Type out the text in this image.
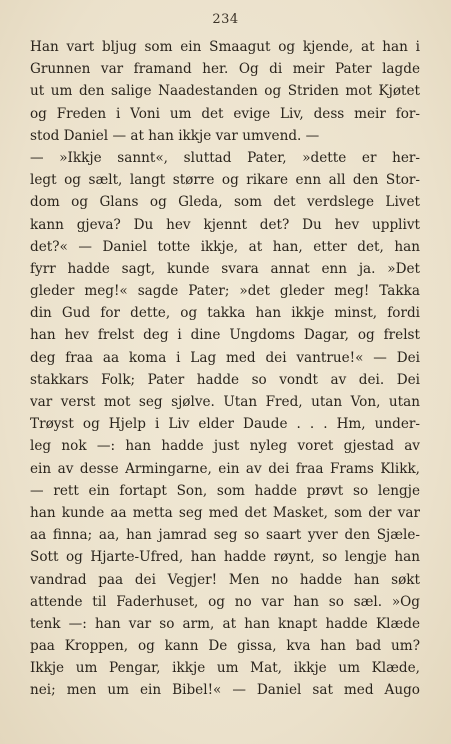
234
Han vart bljug som ein Smaagut og kjende, at han i
Grunnen var framand her. Og di meir Pater lagde
ut um den salige Naadestanden og Striden mot Kjøtet
og Freden i Voni um det evige Liv, dess meir for-
stod Daniel — at han ikkje var umvend. —
— »Ikkje sannt«, sluttad Pater, »dette er her-
legt og sælt, langt større og rikare enn all den Stor-
dom og Glans og Gleda, som det verdslege Livet
kann gjeva? Du hev kjennt det? Du hev upplivt
det?« — Daniel totte ikkje, at han, etter det, han
fyrr hadde sagt, kunde svara annat enn ja. »Det
gleder meg!« sagde Pater; »det gleder meg! Takka
din Gud for dette, og takka han ikkje minst, fordi
han hev frelst deg i dine Ungdoms Dagar, og frelst
deg fraa aa koma i Lag med dei vantrue!« — Dei
stakkars Folk; Pater hadde so vondt av dei. Dei
var verst mot seg sjølve. Utan Fred, utan Von, utan
Trøyst og Hjelp i Liv elder Daude . . . Hm, under-
leg nok —: han hadde just nyleg voret gjestad av
ein av desse Armingarne, ein av dei fraa Frams Klikk,
— rett ein fortapt Son, som hadde prøvt so lengje
han kunde aa metta seg med det Masket, som der var
aa finna; aa, han jamrad seg so saart yver den Sjæle-
Sott og Hjarte-Ufred, han hadde røynt, so lengje han
vandrad paa dei Vegjer! Men no hadde han søkt
attende til Faderhuset, og no var han so sæl. »Og
tenk —: han var so arm, at han knapt hadde Klæde
paa Kroppen, og kann De gissa, kva han bad um?
Ikkje um Pengar, ikkje um Mat, ikkje um Klæde,
nei; men um ein Bibel!« — Daniel sat med Augo
